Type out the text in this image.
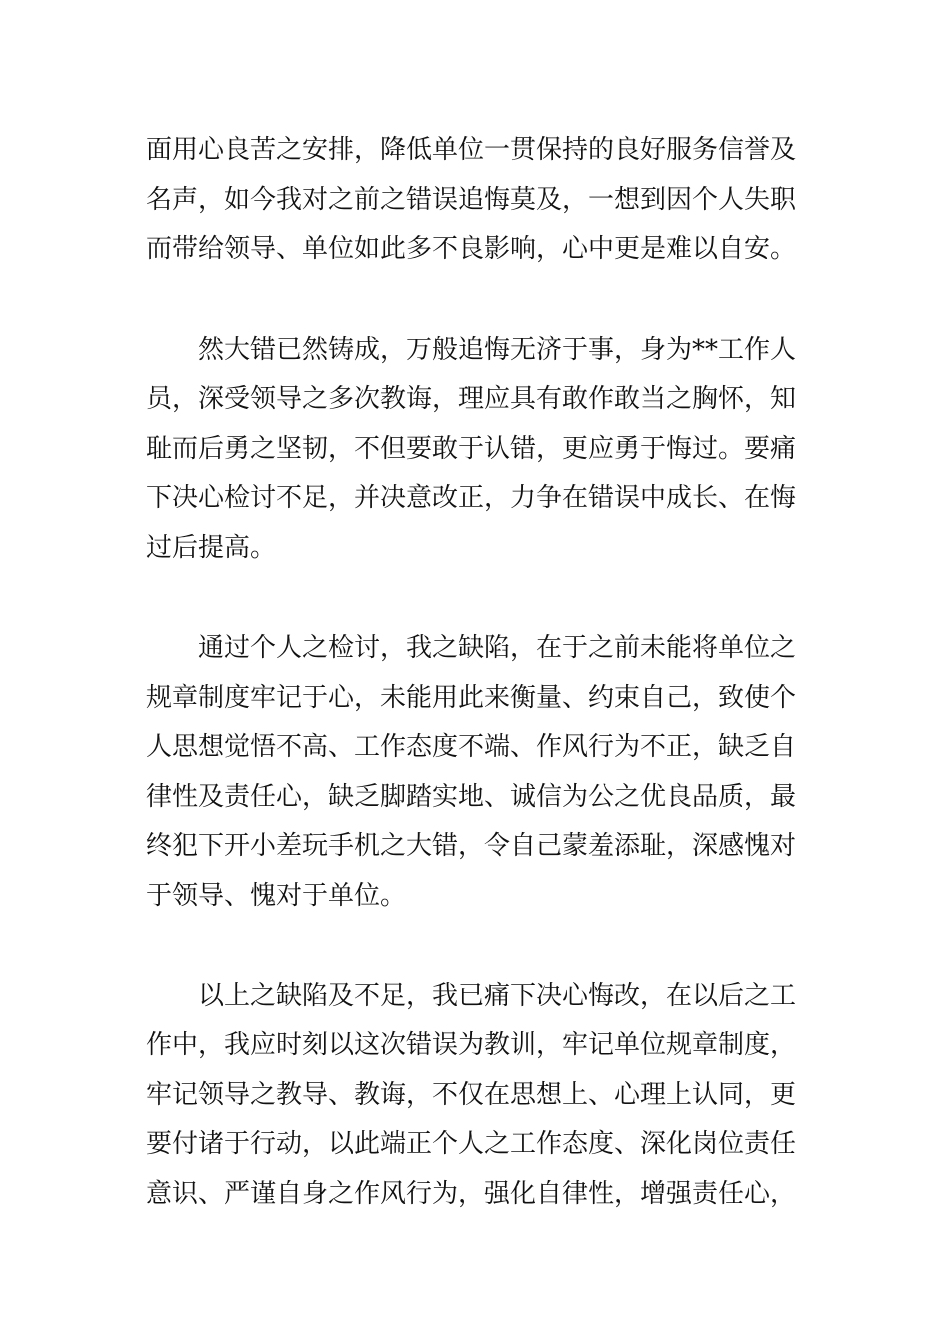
面用心良苦之安排，降低单位一贯保持的良好服务信誉及
名声，如今我对之前之错误追悔莫及，一想到因个人失职
而带给领导、单位如此多不良影响，心中更是难以自安。
然大错已然铸成，万般追悔无济于事，身为**工作人
员，深受领导之多次教诲，理应具有敢作敢当之胸怀，知
耻而后勇之坚韧，不但要敢于认错，更应勇于悔过。要痛
下决心检讨不足，并决意改正，力争在错误中成长、在悔
过后提高。
通过个人之检讨，我之缺陷，在于之前未能将单位之
规章制度牢记于心，未能用此来衡量、约束自己，致使个
人思想觉悟不高、工作态度不端、作风行为不正，缺乏自
律性及责任心，缺乏脚踏实地、诚信为公之优良品质，最
终犯下开小差玩手机之大错，令自己蒙羞添耻，深感愧对
于领导、愧对于单位。
以上之缺陷及不足，我已痛下决心悔改，在以后之工
作中，我应时刻以这次错误为教训，牢记单位规章制度，
牢记领导之教导、教诲，不仅在思想上、心理上认同，更
要付诸于行动，以此端正个人之工作态度、深化岗位责任
意识、严谨自身之作风行为，强化自律性，增强责任心，
